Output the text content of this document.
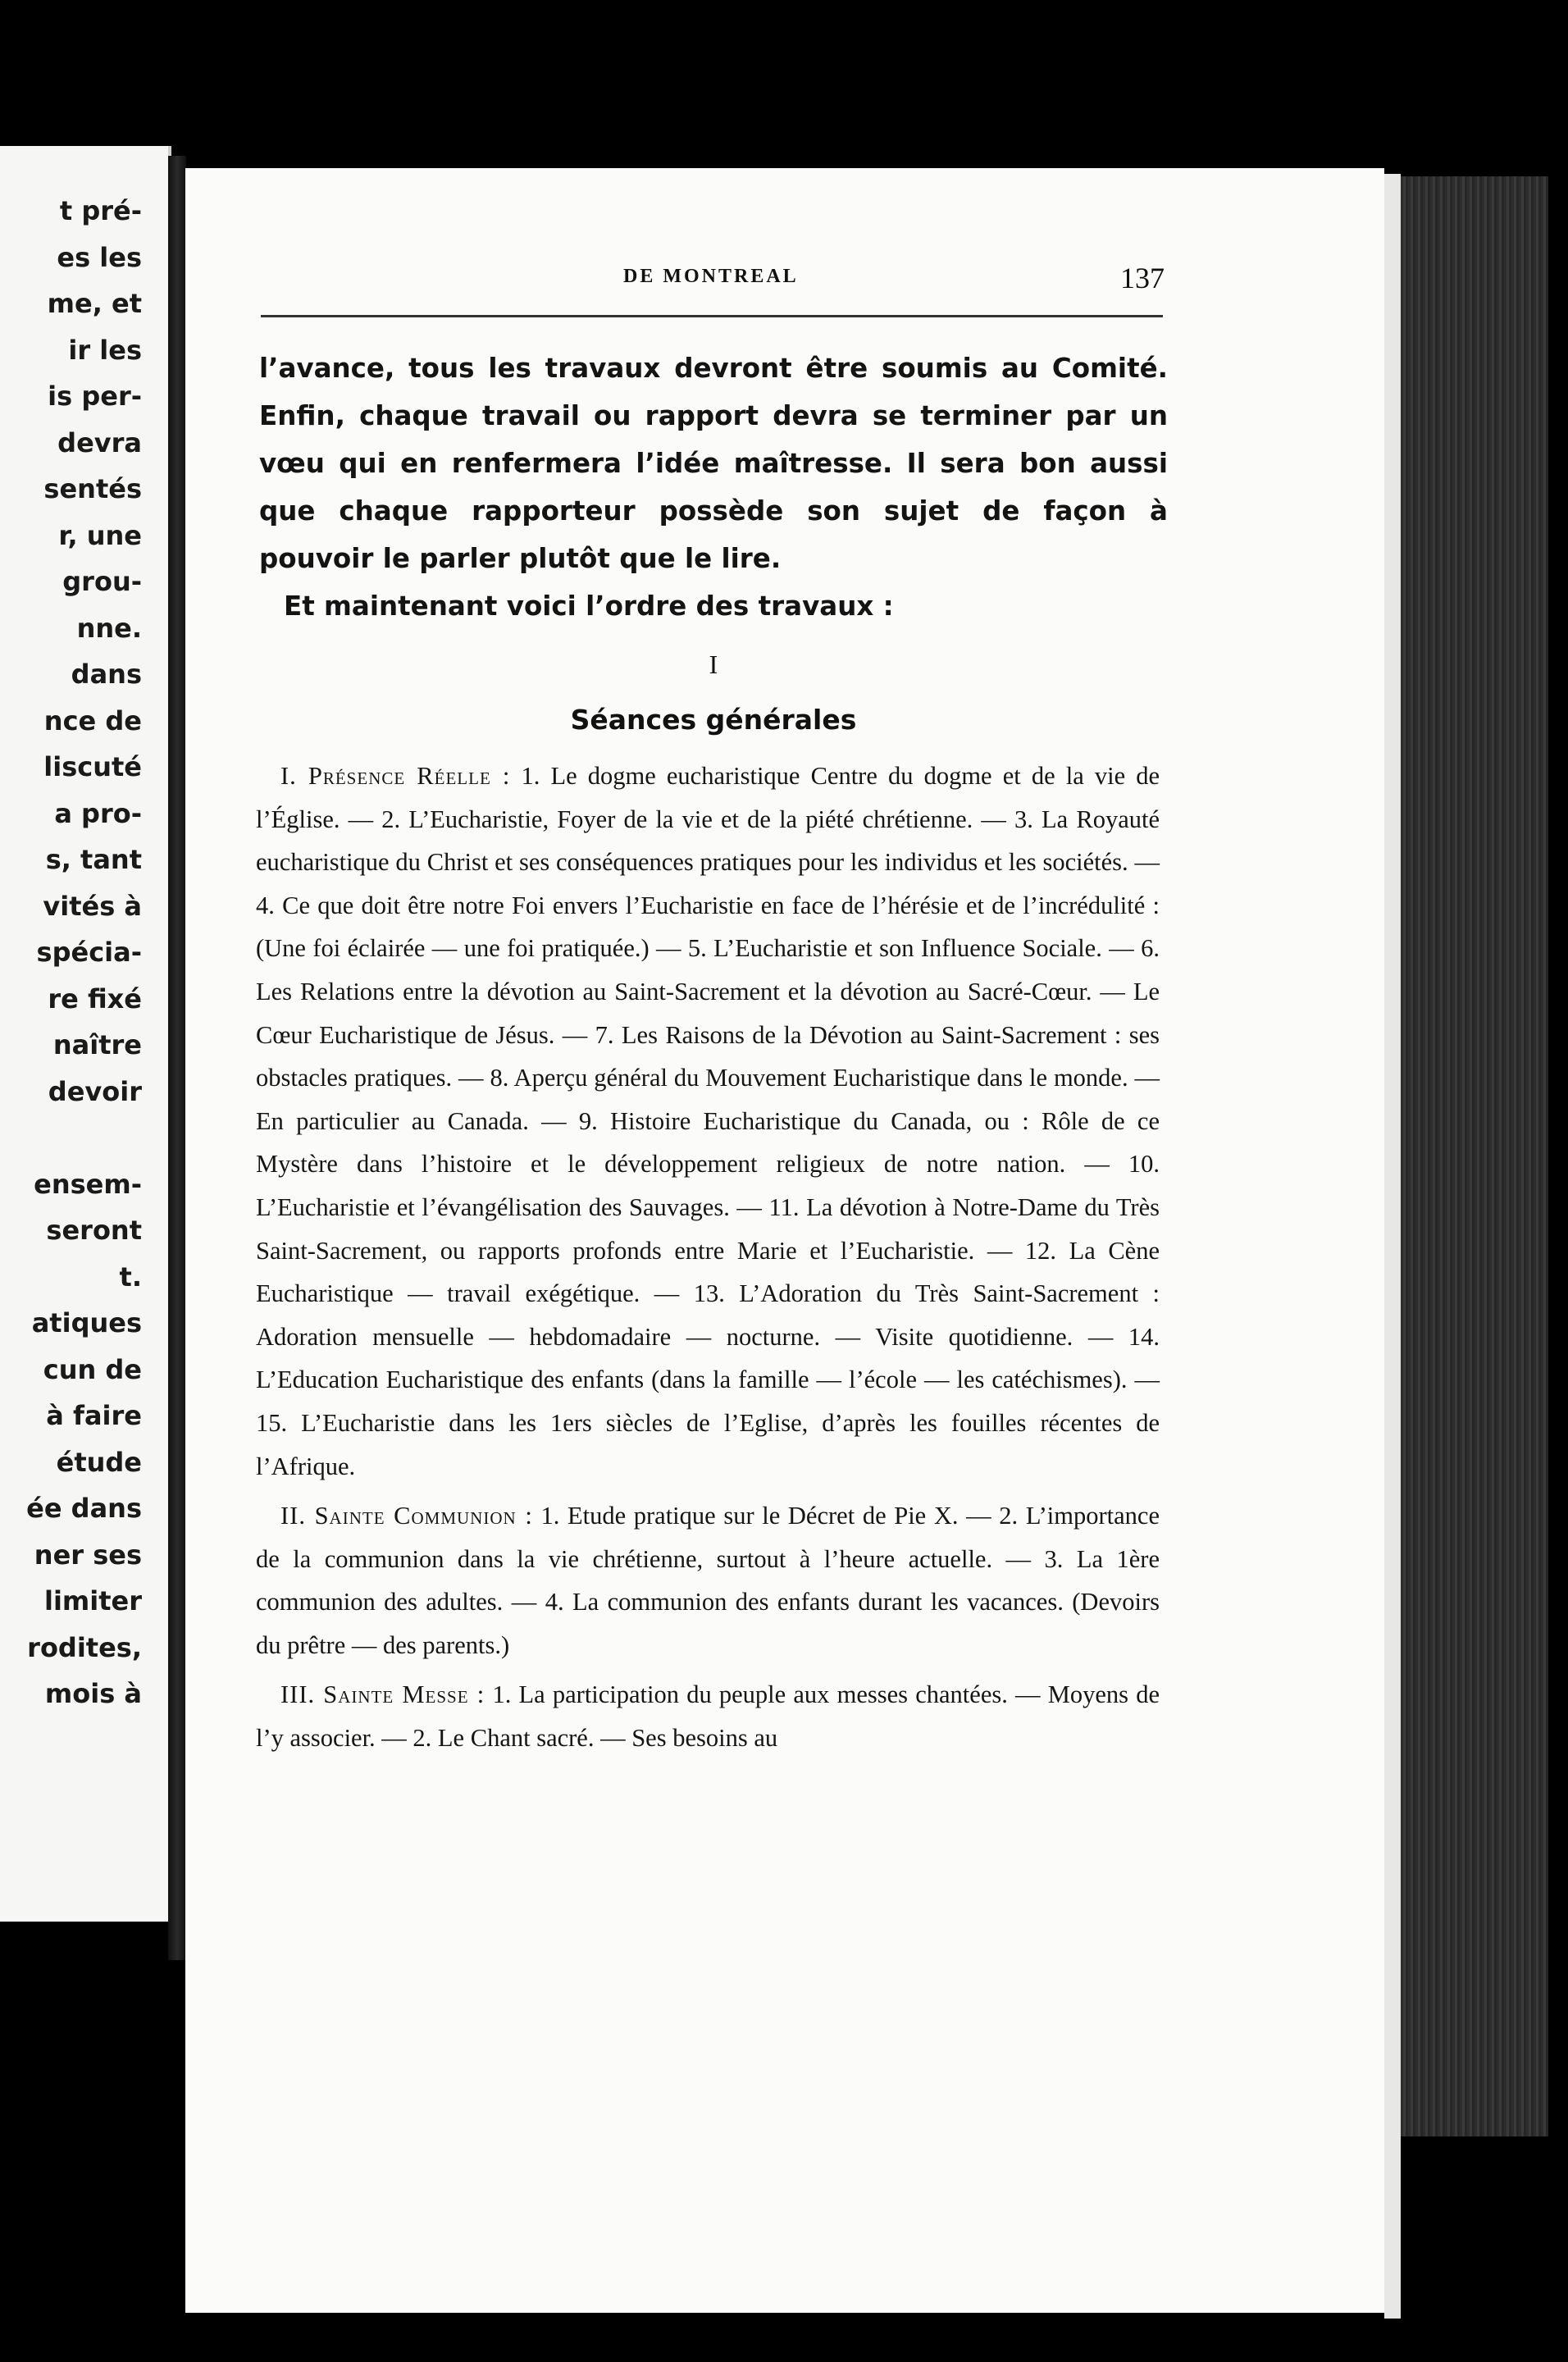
t pré-
es les
me, et
ir les
is per-
devra
sentés
r, une
grou-
nne.
dans
nce de
liscuté
a pro-
s, tant
vités à
spécia-
re fixé
naître
devoir
ensem-
seront
t.
atiques
cun de
à faire
étude
ée dans
ner ses
limiter
rodites,
mois à
DE MONTREAL	137

l’avance, tous les travaux devront être soumis au Comité. Enfin, chaque travail ou rapport devra se terminer par un vœu qui en renfermera l’idée maîtresse. Il sera bon aussi que chaque rapporteur possède son sujet de façon à pouvoir le parler plutôt que le lire.

Et maintenant voici l’ordre des travaux :

I
Séances générales

I. Présence Réelle : 1. Le dogme eucharistique Centre du dogme et de la vie de l’Église. — 2. L’Eucharistie, Foyer de la vie et de la piété chrétienne. — 3. La Royauté eucharistique du Christ et ses conséquences pratiques pour les individus et les sociétés. — 4. Ce que doit être notre Foi envers l’Eucharistie en face de l’hérésie et de l’incrédulité : (Une foi éclairée — une foi pratiquée.) — 5. L’Eucharistie et son Influence Sociale. — 6. Les Relations entre la dévotion au Saint-Sacrement et la dévotion au Sacré-Cœur. — Le Cœur Eucharistique de Jésus. — 7. Les Raisons de la Dévotion au Saint-Sacrement : ses obstacles pratiques. — 8. Aperçu général du Mouvement Eucharistique dans le monde. — En particulier au Canada. — 9. Histoire Eucharistique du Canada, ou : Rôle de ce Mystère dans l’histoire et le développement religieux de notre nation. — 10. L’Eucharistie et l’évangélisation des Sauvages. — 11. La dévotion à Notre-Dame du Très Saint-Sacrement, ou rapports profonds entre Marie et l’Eucharistie. — 12. La Cène Eucharistique — travail exégétique. — 13. L’Adoration du Très Saint-Sacrement : Adoration mensuelle — hebdomadaire — nocturne. — Visite quotidienne. — 14. L’Education Eucharistique des enfants (dans la famille — l’école — les catéchismes). — 15. L’Eucharistie dans les 1ers siècles de l’Eglise, d’après les fouilles récentes de l’Afrique.

II. Sainte Communion : 1. Etude pratique sur le Décret de Pie X. — 2. L’importance de la communion dans la vie chrétienne, surtout à l’heure actuelle. — 3. La 1ère communion des adultes. — 4. La communion des enfants durant les vacances. (Devoirs du prêtre — des parents.)

III. Sainte Messe : 1. La participation du peuple aux messes chantées. — Moyens de l’y associer. — 2. Le Chant sacré. — Ses besoins au
